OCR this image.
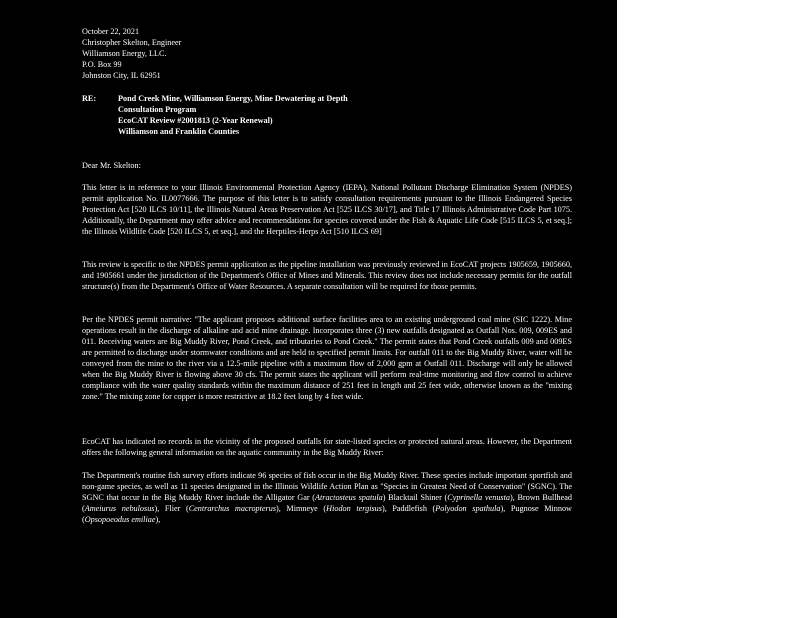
October 22, 2021
Christopher Skelton, Engineer
Williamson Energy, LLC.
P.O. Box 99
Johnston City, IL 62951
RE:	Pond Creek Mine, Williamson Energy, Mine Dewatering at Depth
Consultation Program
EcoCAT Review #2001813 (2-Year Renewal)
Williamson and Franklin Counties
Dear Mr. Skelton:

This letter is in reference to your Illinois Environmental Protection Agency (IEPA), National Pollutant Discharge Elimination System (NPDES) permit application No. IL0077666. The purpose of this letter is to satisfy consultation requirements pursuant to the Illinois Endangered Species Protection Act [520 ILCS 10/11], the Illinois Natural Areas Preservation Act [525 ILCS 30/17], and Title 17 Illinois Administrative Code Part 1075. Additionally, the Department may offer advice and recommendations for species covered under the Fish & Aquatic Life Code [515 ILCS 5, et seq.]; the Illinois Wildlife Code [520 ILCS 5, et seq.], and the Herptiles-Herps Act [510 ILCS 69]

This review is specific to the NPDES permit application as the pipeline installation was previously reviewed in EcoCAT projects 1905659, 1905660, and 1905661 under the jurisdiction of the Department's Office of Mines and Minerals. This review does not include necessary permits for the outfall structure(s) from the Department's Office of Water Resources. A separate consultation will be required for those permits.

Per the NPDES permit narrative: "The applicant proposes additional surface facilities area to an existing underground coal mine (SIC 1222). Mine operations result in the discharge of alkaline and acid mine drainage. Incorporates three (3) new outfalls designated as Outfall Nos. 009, 009ES and 011. Receiving waters are Big Muddy River, Pond Creek, and tributaries to Pond Creek." The permit states that Pond Creek outfalls 009 and 009ES are permitted to discharge under stormwater conditions and are held to specified permit limits. For outfall 011 to the Big Muddy River, water will be conveyed from the mine to the river via a 12.5-mile pipeline with a maximum flow of 2,000 gpm at Outfall 011. Discharge will only be allowed when the Big Muddy River is flowing above 30 cfs. The permit states the applicant will perform real-time monitoring and flow control to achieve compliance with the water quality standards within the maximum distance of 251 feet in length and 25 feet wide, otherwise known as the "mixing zone." The mixing zone for copper is more restrictive at 18.2 feet long by 4 feet wide.

EcoCAT has indicated no records in the vicinity of the proposed outfalls for state-listed species or protected natural areas. However, the Department offers the following general information on the aquatic community in the Big Muddy River:

The Department's routine fish survey efforts indicate 96 species of fish occur in the Big Muddy River. These species include important sportfish and non-game species, as well as 11 species designated in the Illinois Wildlife Action Plan as "Species in Greatest Need of Conservation" (SGNC). The SGNC that occur in the Big Muddy River include the Alligator Gar (Atractosteus spatula) Blacktail Shiner (Cyprinella venusta), Brown Bullhead (Ameiurus nebulosus), Flier (Centrarchus macropterus), Mimneye (Hiodon tergisus), Paddlefish (Polyodon spathula), Pugnose Minnow (Opsopoeodus emiliae),
